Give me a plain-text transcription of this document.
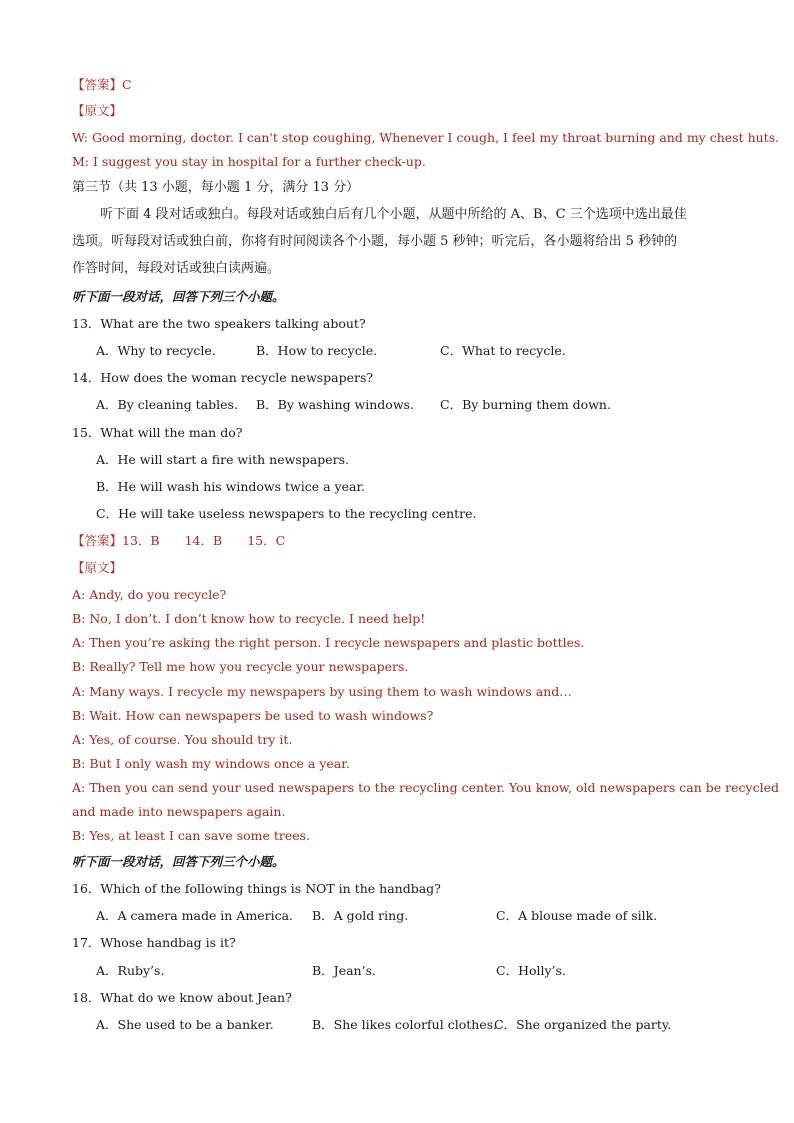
【答案】C
【原文】
W: Good morning, doctor. I can't stop coughing, Whenever I cough, I feel my throat burning and my chest huts.
M: I suggest you stay in hospital for a further check-up.
第三节（共 13 小题，每小题 1 分，满分 13 分）
听下面 4 段对话或独白。每段对话或独白后有几个小题，从题中所给的 A、B、C 三个选项中选出最佳
选项。听每段对话或独白前，你将有时间阅读各个小题，每小题 5 秒钟；听完后，各小题将给出 5 秒钟的
作答时间，每段对话或独白读两遍。
听下面一段对话，回答下列三个小题。
13．What are the two speakers talking about?
A．Why to recycle.	B．How to recycle.	C．What to recycle.
14．How does the woman recycle newspapers?
A．By cleaning tables. B．By washing windows. C．By burning them down.
15．What will the man do?
A．He will start a fire with newspapers.
B．He will wash his windows twice a year.
C．He will take useless newspapers to the recycling centre.
【答案】13．B　　14．B　　15．C
【原文】
A: Andy, do you recycle?
B: No, I don’t. I don’t know how to recycle. I need help!
A: Then you’re asking the right person. I recycle newspapers and plastic bottles.
B: Really? Tell me how you recycle your newspapers.
A: Many ways. I recycle my newspapers by using them to wash windows and…
B: Wait. How can newspapers be used to wash windows?
A: Yes, of course. You should try it.
B: But I only wash my windows once a year.
A: Then you can send your used newspapers to the recycling center. You know, old newspapers can be recycled
and made into newspapers again.
B: Yes, at least I can save some trees.
听下面一段对话，回答下列三个小题。
16．Which of the following things is NOT in the handbag?
A．A camera made in America. B．A gold ring.	C．A blouse made of silk.
17．Whose handbag is it?
A．Ruby’s.	B．Jean’s.	C．Holly’s.
18．What do we know about Jean?
A．She used to be a banker.	B．She likes colorful clothes.
C．She organized the party.
